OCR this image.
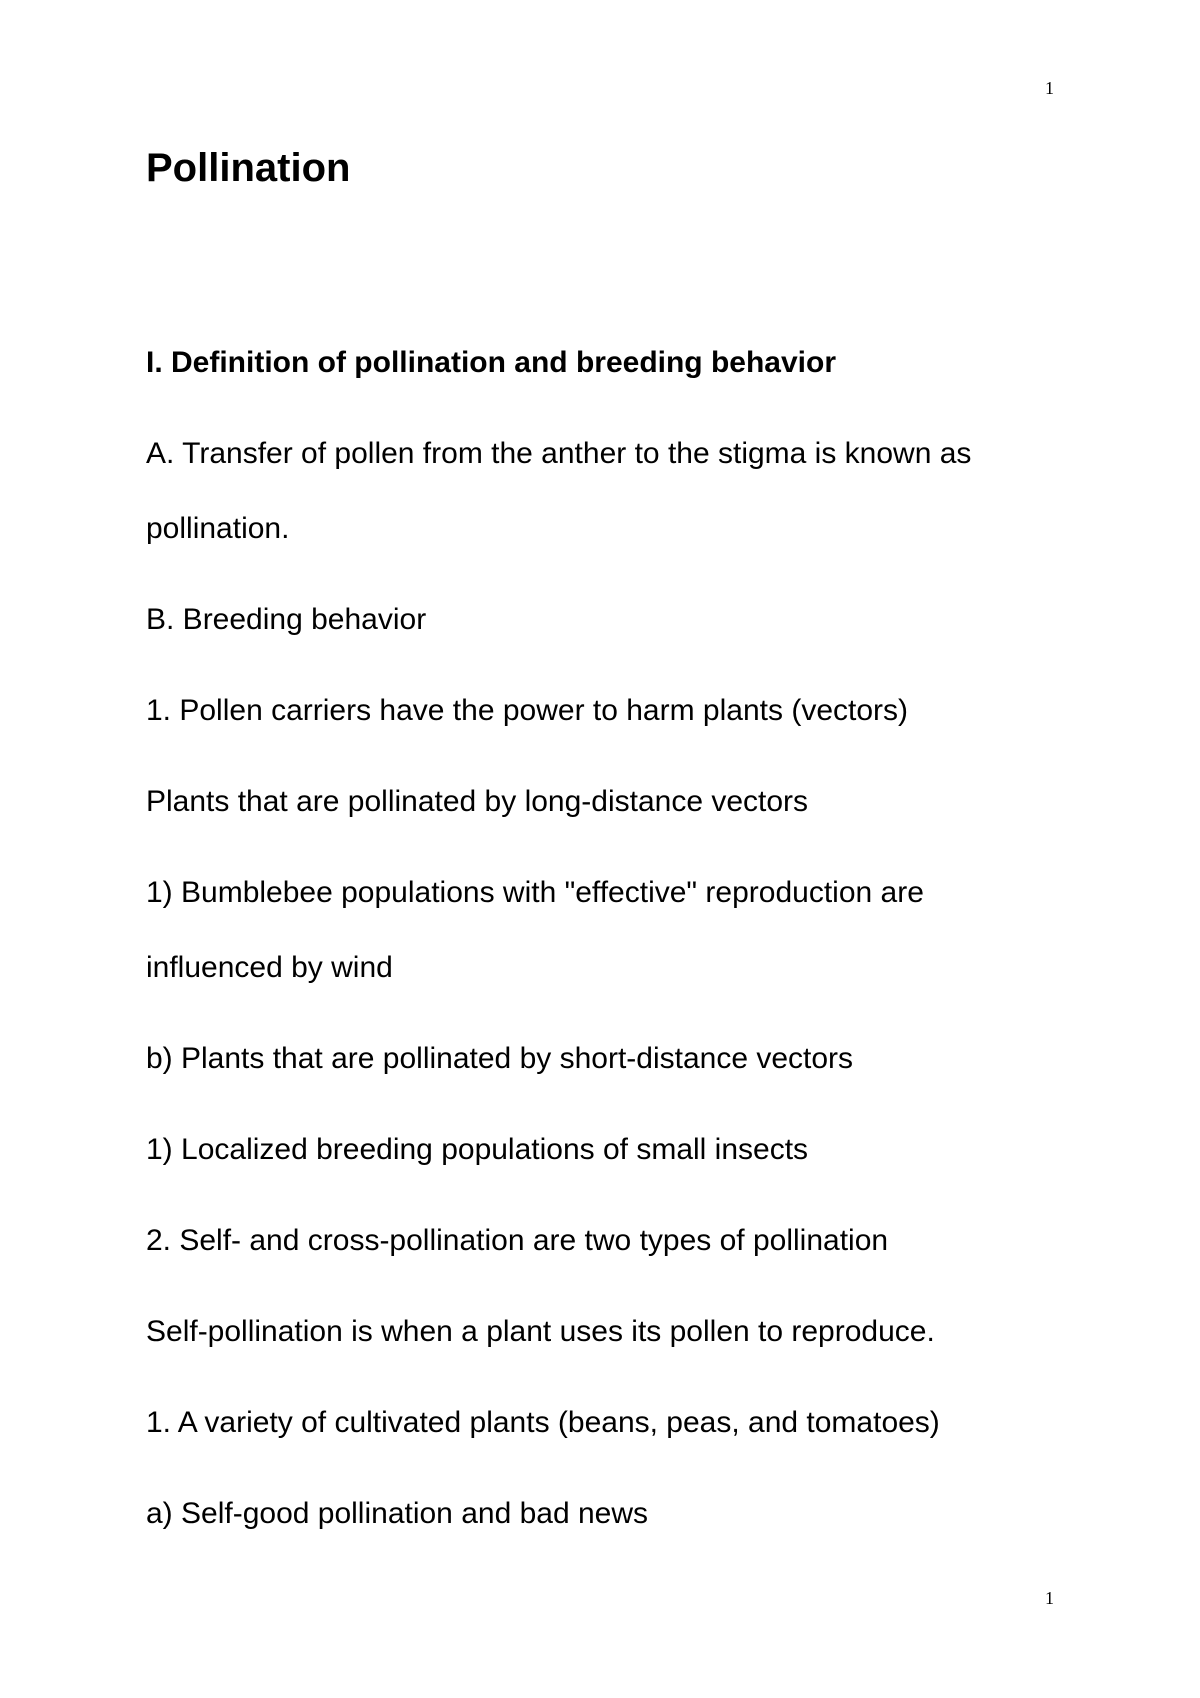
1
Pollination

I. Definition of pollination and breeding behavior

A. Transfer of pollen from the anther to the stigma is known as

pollination.

B. Breeding behavior

1. Pollen carriers have the power to harm plants (vectors)

Plants that are pollinated by long-distance vectors

1) Bumblebee populations with "effective" reproduction are

influenced by wind

b) Plants that are pollinated by short-distance vectors

1) Localized breeding populations of small insects

2. Self- and cross-pollination are two types of pollination

Self-pollination is when a plant uses its pollen to reproduce.

1. A variety of cultivated plants (beans, peas, and tomatoes)

a) Self-good pollination and bad news

1
